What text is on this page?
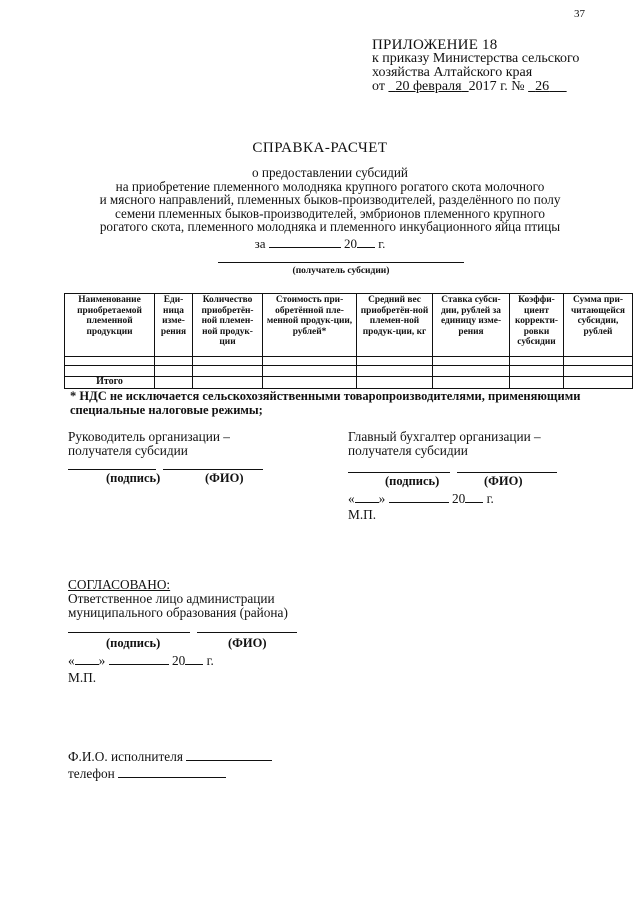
37
ПРИЛОЖЕНИЕ 18
к приказу Министерства сельского
хозяйства Алтайского края
от 20 февраля 2017 г. № 26
СПРАВКА-РАСЧЕТ
о предоставлении субсидий
на приобретение племенного молодняка крупного рогатого скота молочного
и мясного направлений, племенных быков-производителей, разделённого по полу
семени племенных быков-производителей, эмбрионов племенного крупного
рогатого скота, племенного молодняка и племенного инкубационного яйца птицы
за	20 г.
(получатель субсидии)
Наименование приобретаемой племенной продукции	Еди-ница изме-рения	Количество приобретён-ной племен-ной продук-ции	Стоимость при-обретённой пле-менной продук-ции, рублей*	Средний вес приобретён-ной племен-ной продук-ции, кг	Ставка субси-дии, рублей за единицу изме-рения	Коэффи-циент корректи-ровки субсидии	Сумма при-читающейся субсидии, рублей

Итого							
* НДС не исключается сельскохозяйственными товаропроизводителями, применяющими специальные налоговые режимы;
Руководитель организации –
получателя субсидии
(подпись)	(ФИО)
Главный бухгалтер организации –
получателя субсидии
(подпись)	(ФИО)
« »	20 г.
М.П.
СОГЛАСОВАНО:
Ответственное лицо администрации
муниципального образования (района)
(подпись)	(ФИО)
« »	20 г.
М.П.
Ф.И.О. исполнителя
телефон
